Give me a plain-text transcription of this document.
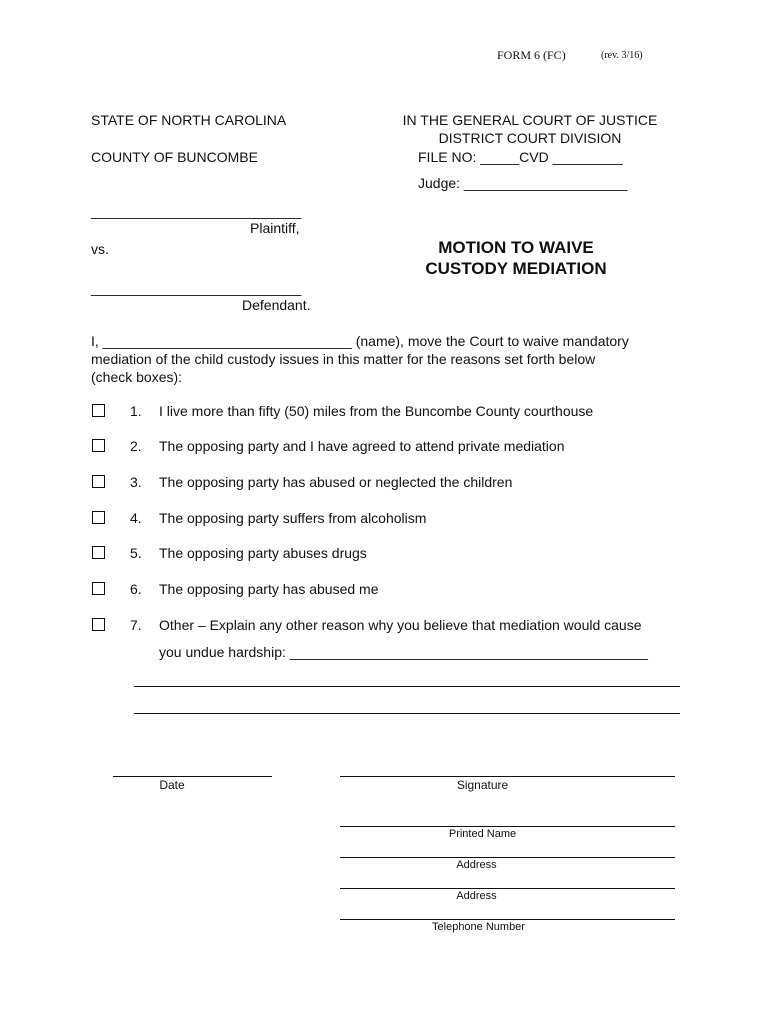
FORM 6 (FC)	(rev. 3/16)
STATE OF NORTH CAROLINA
COUNTY OF BUNCOMBE
IN THE GENERAL COURT OF JUSTICE
DISTRICT COURT DIVISION
FILE NO: _____CVD _________
Judge: _____________________
___________________________
Plaintiff,
vs.
___________________________
Defendant.
MOTION TO WAIVE
CUSTODY MEDIATION
I, ________________________________ (name), move the Court to waive mandatory
mediation of the child custody issues in this matter for the reasons set forth below
(check boxes):
1. I live more than fifty (50) miles from the Buncombe County courthouse
2. The opposing party and I have agreed to attend private mediation
3. The opposing party has abused or neglected the children
4. The opposing party suffers from alcoholism
5. The opposing party abuses drugs
6. The opposing party has abused me
7. Other – Explain any other reason why you believe that mediation would cause
you undue hardship: ______________________________________________
Date	Signature
Printed Name
Address
Address
Telephone Number
